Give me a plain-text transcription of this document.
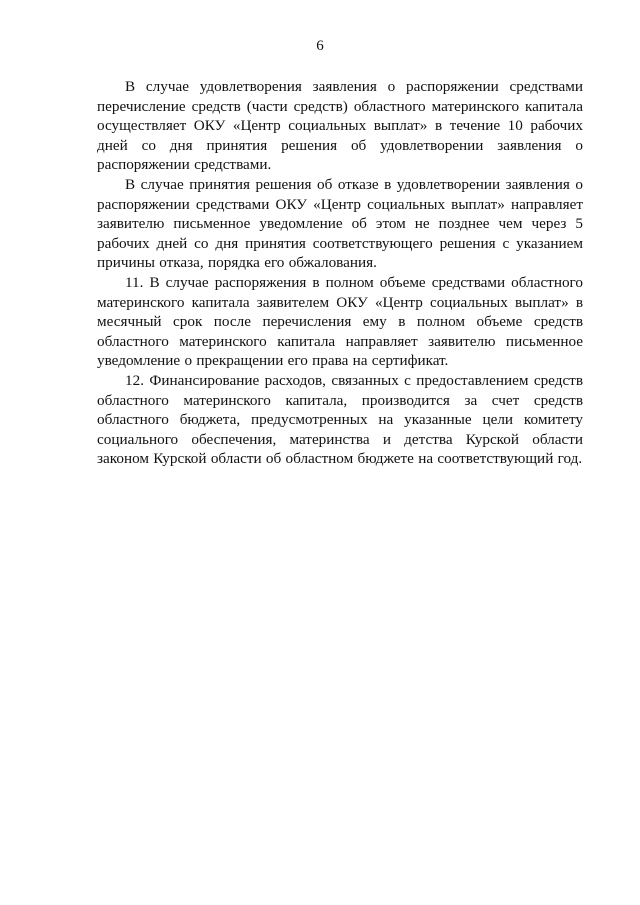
6

В случае удовлетворения заявления о распоряжении средствами перечисление средств (части средств) областного материнского капитала осуществляет ОКУ «Центр социальных выплат» в течение 10 рабочих дней со дня принятия решения об удовлетворении заявления о распоряжении средствами.

В случае принятия решения об отказе в удовлетворении заявления о распоряжении средствами ОКУ «Центр социальных выплат» направляет заявителю письменное уведомление об этом не позднее чем через 5 рабочих дней со дня принятия соответствующего решения с указанием причины отказа, порядка его обжалования.

11. В случае распоряжения в полном объеме средствами областного материнского капитала заявителем ОКУ «Центр социальных выплат» в месячный срок после перечисления ему в полном объеме средств областного материнского капитала направляет заявителю письменное уведомление о прекращении его права на сертификат.

12. Финансирование расходов, связанных с предоставлением средств областного материнского капитала, производится за счет средств областного бюджета, предусмотренных на указанные цели комитету социального обеспечения, материнства и детства Курской области законом Курской области об областном бюджете на соответствующий год.
